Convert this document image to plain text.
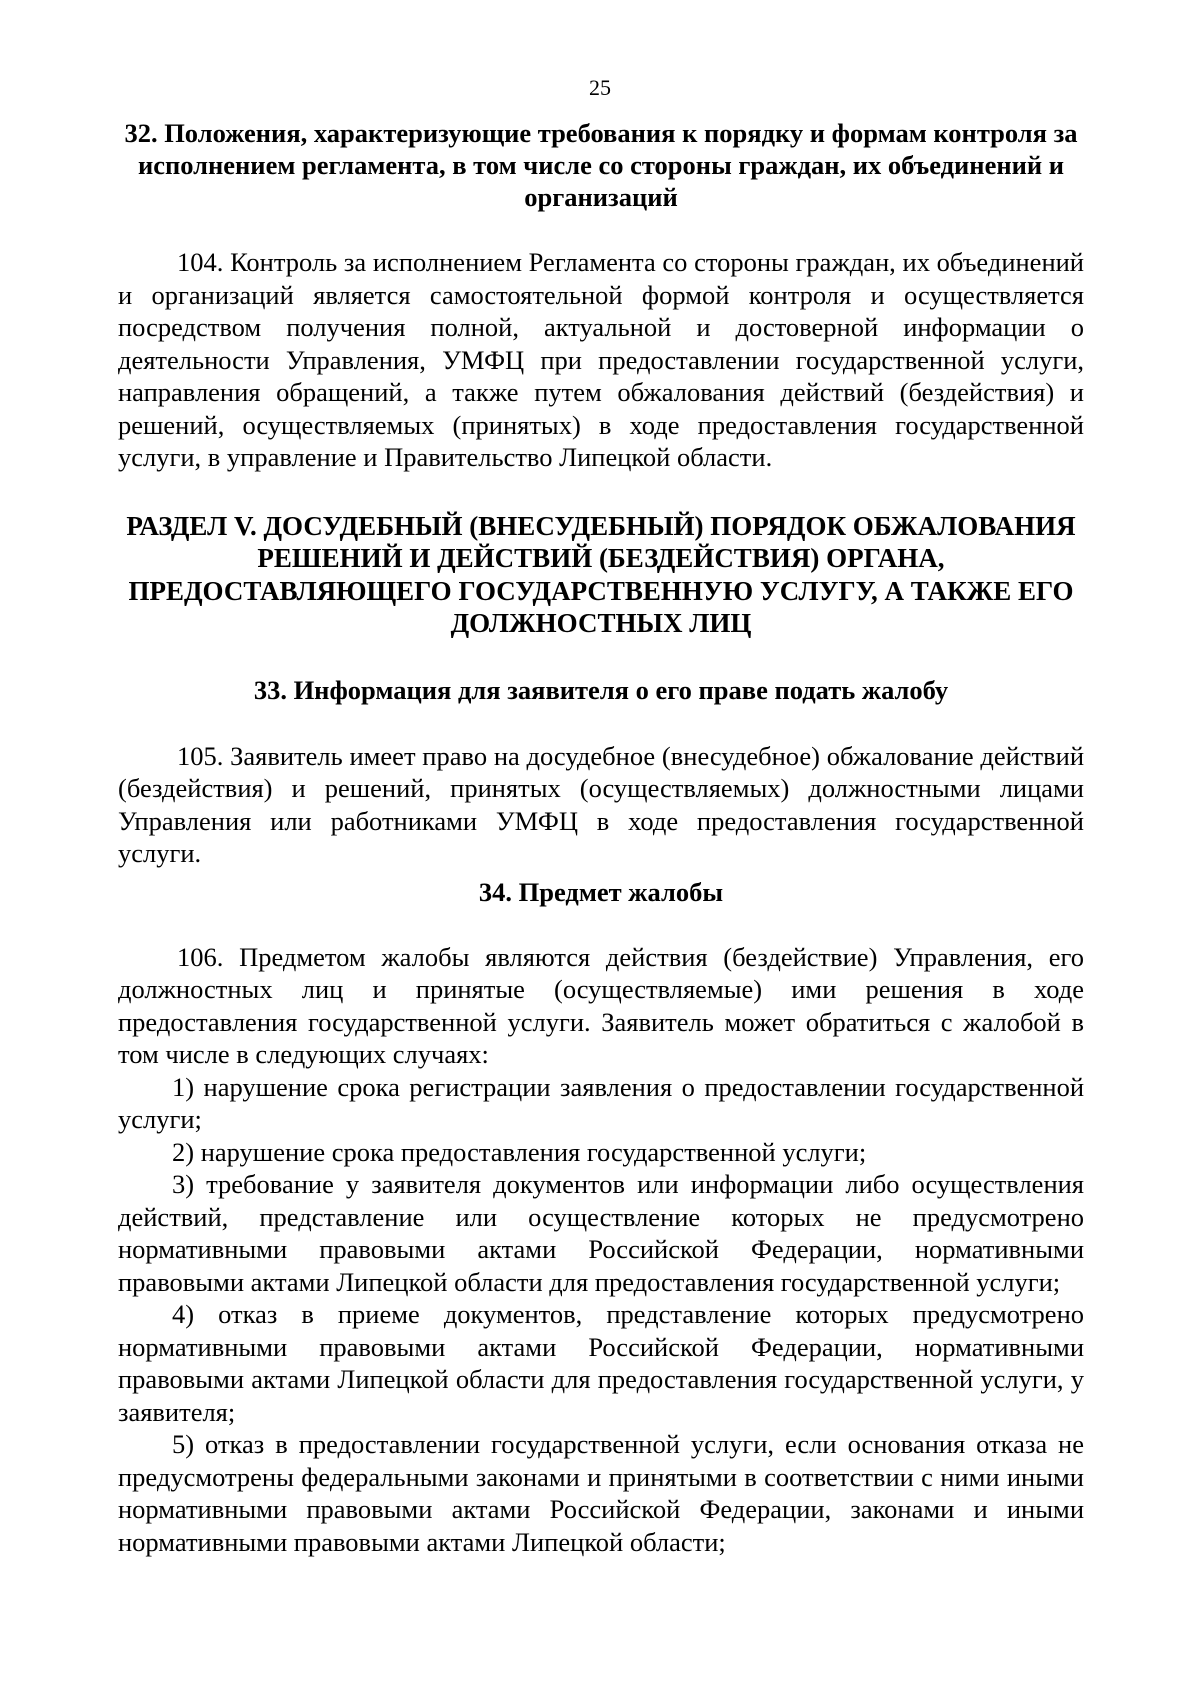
25

32. Положения, характеризующие требования к порядку и формам контроля за исполнением регламента, в том числе со стороны граждан, их объединений и организаций

104. Контроль за исполнением Регламента со стороны граждан, их объединений и организаций является самостоятельной формой контроля и осуществляется посредством получения полной, актуальной и достоверной информации о деятельности Управления, УМФЦ при предоставлении государственной услуги, направления обращений, а также путем обжалования действий (бездействия) и решений, осуществляемых (принятых) в ходе предоставления государственной услуги, в управление и Правительство Липецкой области.

РАЗДЕЛ V. ДОСУДЕБНЫЙ (ВНЕСУДЕБНЫЙ) ПОРЯДОК ОБЖАЛОВАНИЯ РЕШЕНИЙ И ДЕЙСТВИЙ (БЕЗДЕЙСТВИЯ) ОРГАНА, ПРЕДОСТАВЛЯЮЩЕГО ГОСУДАРСТВЕННУЮ УСЛУГУ, А ТАКЖЕ ЕГО ДОЛЖНОСТНЫХ ЛИЦ

33. Информация для заявителя о его праве подать жалобу

105. Заявитель имеет право на досудебное (внесудебное) обжалование действий (бездействия) и решений, принятых (осуществляемых) должностными лицами Управления или работниками УМФЦ в ходе предоставления государственной услуги.

34. Предмет жалобы

106. Предметом жалобы являются действия (бездействие) Управления, его должностных лиц и принятые (осуществляемые) ими решения в ходе предоставления государственной услуги. Заявитель может обратиться с жалобой в том числе в следующих случаях:

1) нарушение срока регистрации заявления о предоставлении государственной услуги;

2) нарушение срока предоставления государственной услуги;

3) требование у заявителя документов или информации либо осуществления действий, представление или осуществление которых не предусмотрено нормативными правовыми актами Российской Федерации, нормативными правовыми актами Липецкой области для предоставления государственной услуги;

4) отказ в приеме документов, представление которых предусмотрено нормативными правовыми актами Российской Федерации, нормативными правовыми актами Липецкой области для предоставления государственной услуги, у заявителя;

5) отказ в предоставлении государственной услуги, если основания отказа не предусмотрены федеральными законами и принятыми в соответствии с ними иными нормативными правовыми актами Российской Федерации, законами и иными нормативными правовыми актами Липецкой области;
